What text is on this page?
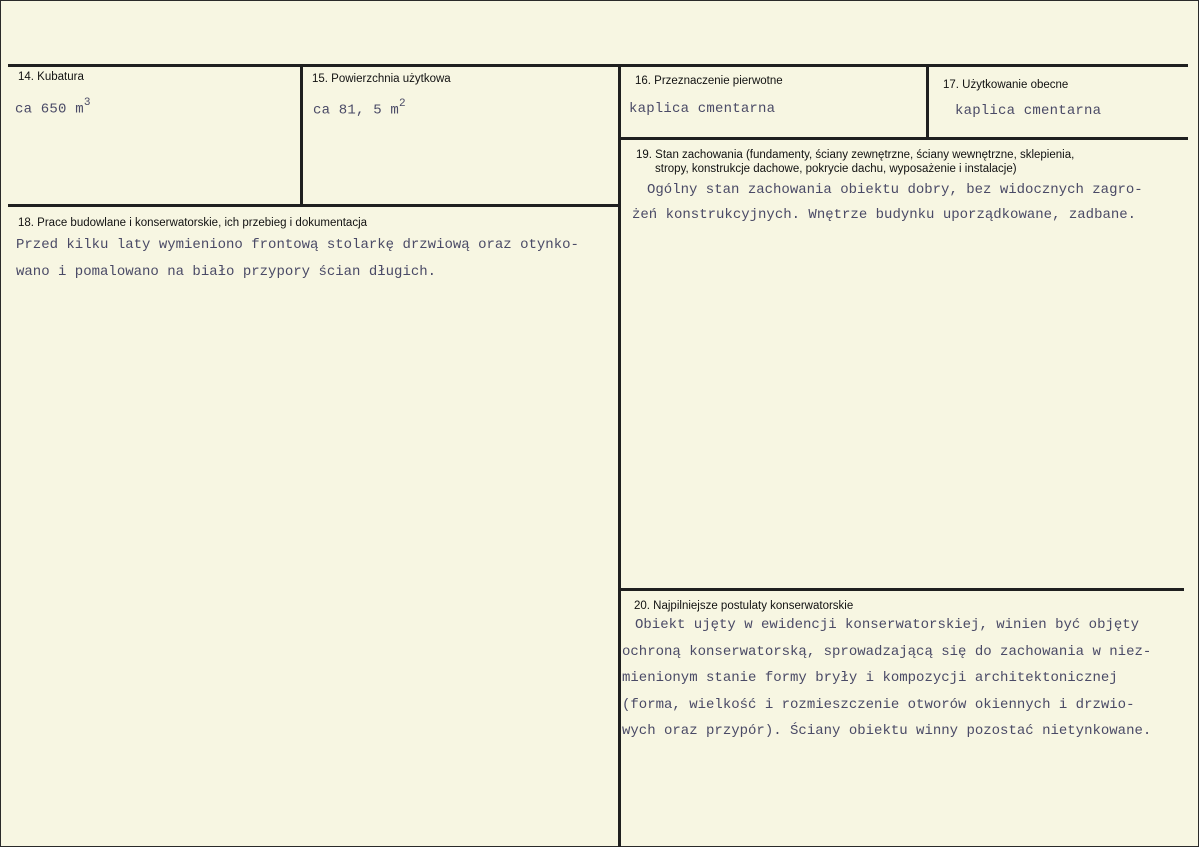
14. Kubatura
ca 650 $m^3$
15. Powierzchnia użytkowa
ca 81, 5 $m^2$
16. Przeznaczenie pierwotne
kaplica cmentarna
17. Użytkowanie obecne
kaplica cmentarna
19. Stan zachowania (fundamenty, ściany zewnętrzne, ściany wewnętrzne, sklepienia,
stropy, konstrukcje dachowe, pokrycie dachu, wyposażenie i instalacje)
Ogólny stan zachowania obiektu dobry, bez widocznych zagro-
żeń konstrukcyjnych. Wnętrze budynku uporządkowane, zadbane.
18. Prace budowlane i konserwatorskie, ich przebieg i dokumentacja
Przed kilku laty wymieniono frontową stolarkę drzwiową oraz otynko-
wano i pomalowano na biało przypory ścian długich.
20. Najpilniejsze postulaty konserwatorskie
Obiekt ujęty w ewidencji konserwatorskiej, winien być objęty
ochroną konserwatorską, sprowadzającą się do zachowania w niez-
mienionym stanie formy bryły i kompozycji architektonicznej
(forma, wielkość i rozmieszczenie otworów okiennych i drzwio-
wych oraz przypór). Ściany obiektu winny pozostać nietynkowane.
